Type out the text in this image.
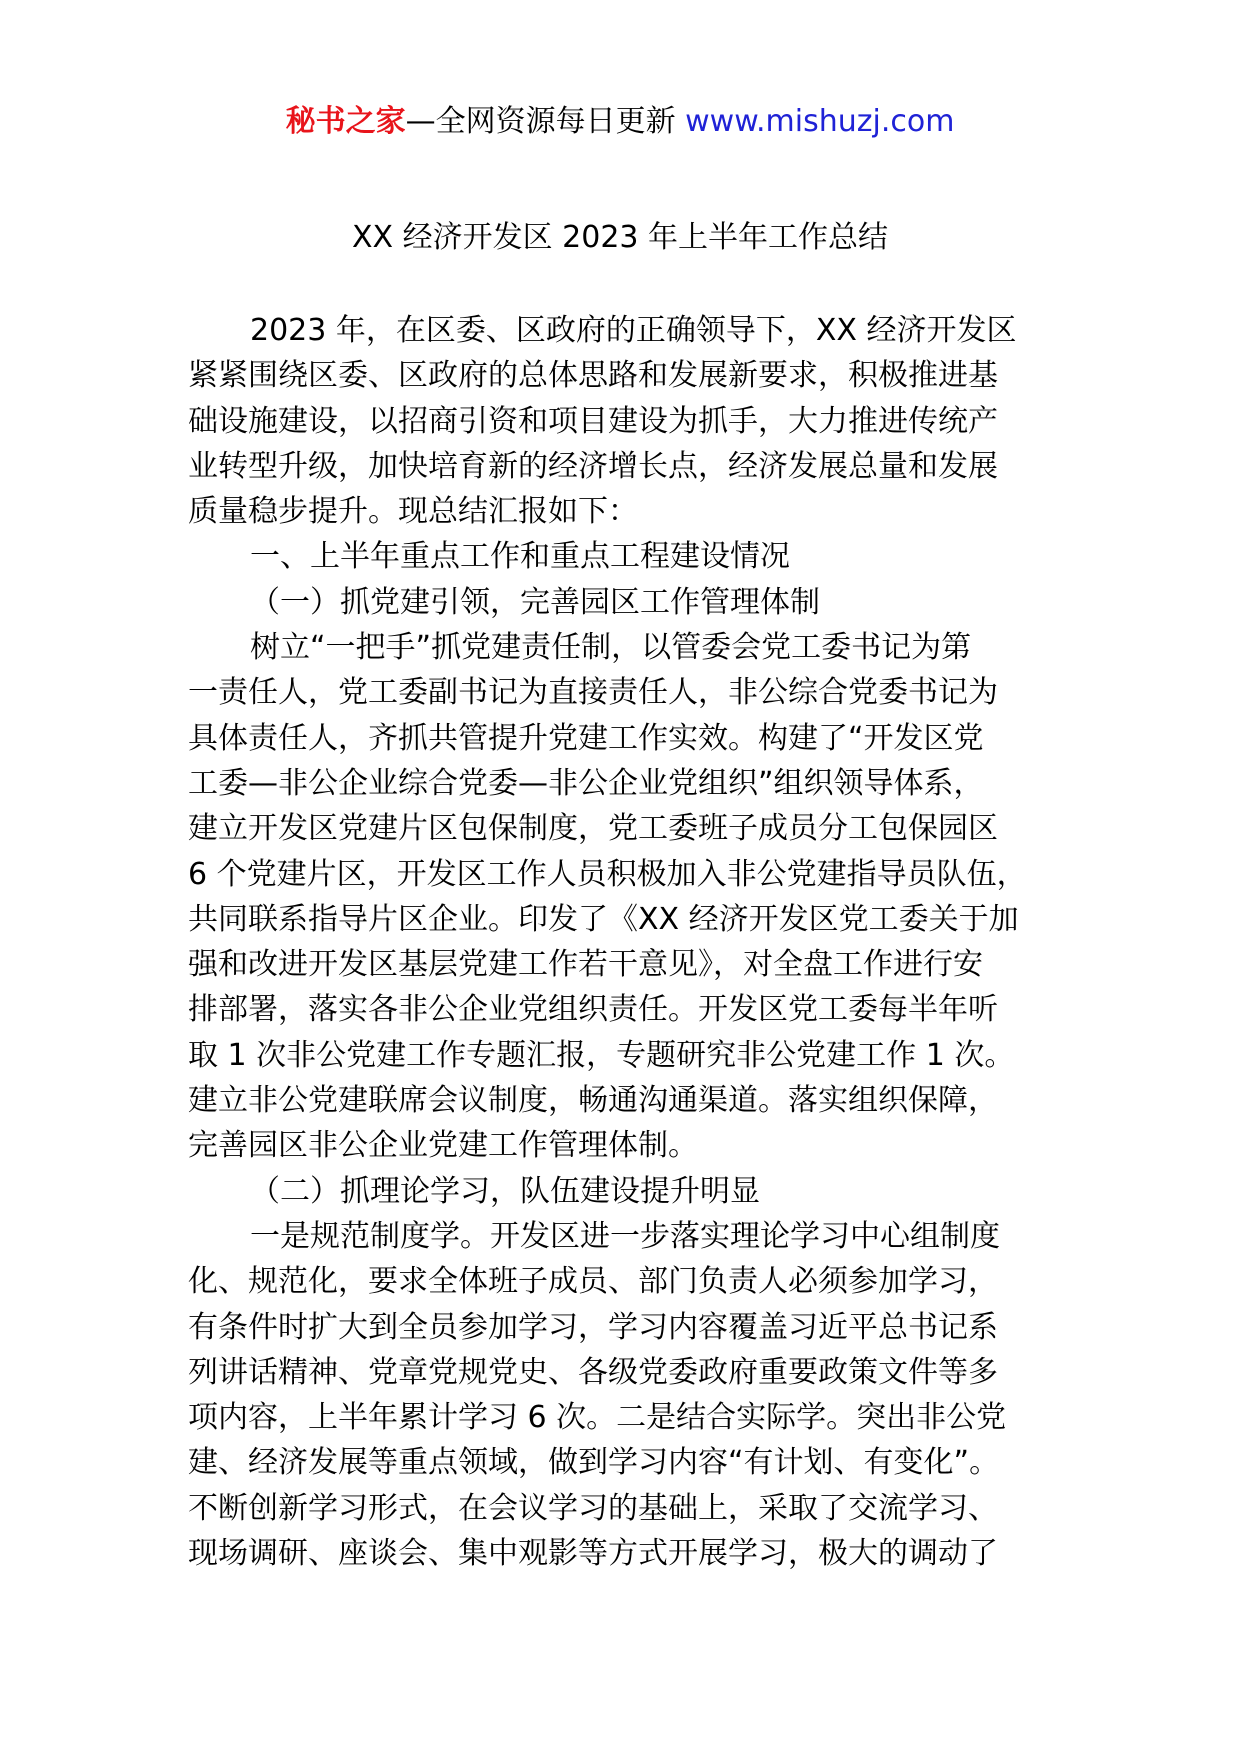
秘书之家—全网资源每日更新 www.mishuzj.com
XX 经济开发区 2023 年上半年工作总结
2023 年，在区委、区政府的正确领导下，XX 经济开发区
紧紧围绕区委、区政府的总体思路和发展新要求，积极推进基
础设施建设，以招商引资和项目建设为抓手，大力推进传统产
业转型升级，加快培育新的经济增长点，经济发展总量和发展
质量稳步提升。现总结汇报如下：
一、上半年重点工作和重点工程建设情况
（一）抓党建引领，完善园区工作管理体制
树立“一把手”抓党建责任制，以管委会党工委书记为第
一责任人，党工委副书记为直接责任人，非公综合党委书记为
具体责任人，齐抓共管提升党建工作实效。构建了“开发区党
工委—非公企业综合党委—非公企业党组织”组织领导体系，
建立开发区党建片区包保制度，党工委班子成员分工包保园区
6 个党建片区，开发区工作人员积极加入非公党建指导员队伍，
共同联系指导片区企业。印发了《XX 经济开发区党工委关于加
强和改进开发区基层党建工作若干意见》，对全盘工作进行安
排部署，落实各非公企业党组织责任。开发区党工委每半年听
取 1 次非公党建工作专题汇报，专题研究非公党建工作 1 次。
建立非公党建联席会议制度，畅通沟通渠道。落实组织保障，
完善园区非公企业党建工作管理体制。
（二）抓理论学习，队伍建设提升明显
一是规范制度学。开发区进一步落实理论学习中心组制度
化、规范化，要求全体班子成员、部门负责人必须参加学习，
有条件时扩大到全员参加学习，学习内容覆盖习近平总书记系
列讲话精神、党章党规党史、各级党委政府重要政策文件等多
项内容，上半年累计学习 6 次。二是结合实际学。突出非公党
建、经济发展等重点领域，做到学习内容“有计划、有变化”。
不断创新学习形式，在会议学习的基础上，采取了交流学习、
现场调研、座谈会、集中观影等方式开展学习，极大的调动了
